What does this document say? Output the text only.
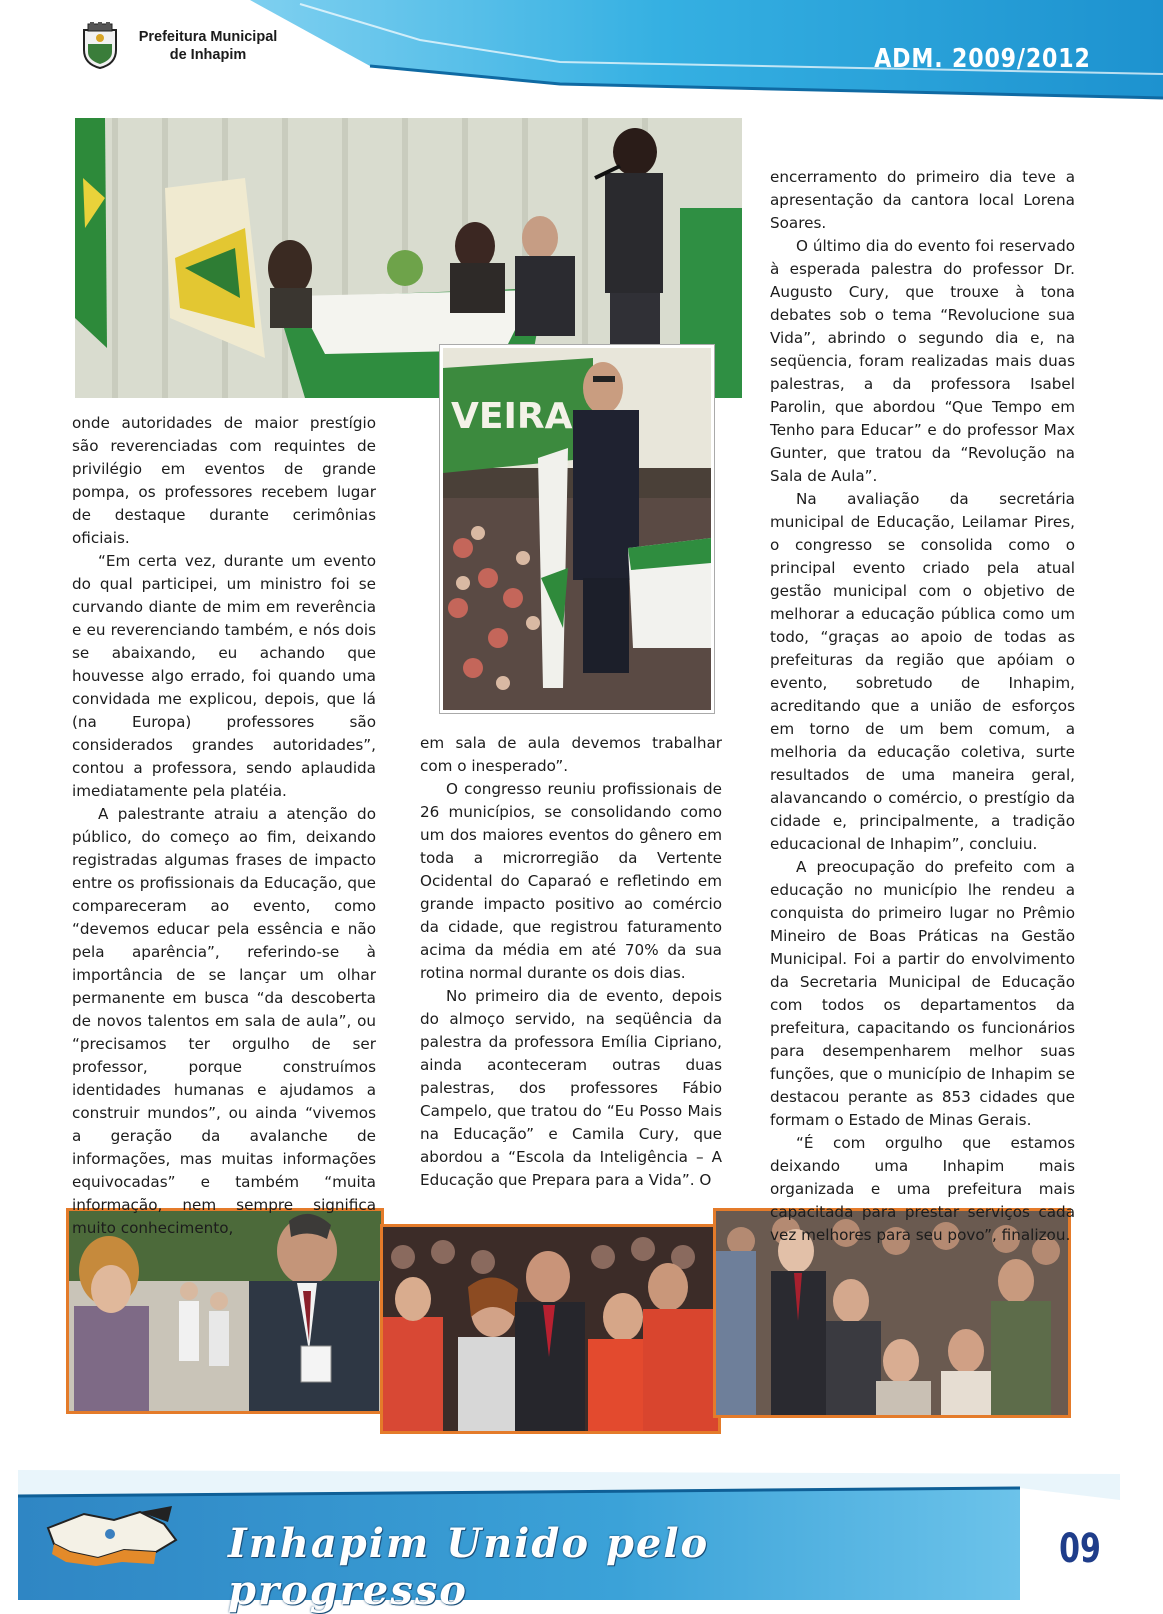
Prefeitura Municipal
de Inhapim	ADM. 2009/2012
VEIRA

onde autoridades de maior prestígio são reverenciadas com requintes de privilégio em eventos de grande pompa, os professores recebem lugar de destaque durante cerimônias oficiais.

“Em certa vez, durante um evento do qual participei, um ministro foi se curvando diante de mim em reverência e eu reverenciando também, e nós dois se abaixando, eu achando que houvesse algo errado, foi quando uma convidada me explicou, depois, que lá (na Europa) professores são considerados grandes autoridades”, contou a professora, sendo aplaudida imediatamente pela platéia.

A palestrante atraiu a atenção do público, do começo ao fim, deixando registradas algumas frases de impacto entre os profissionais da Educação, que compareceram ao evento, como “devemos educar pela essência e não pela aparência”, referindo-se à importância de se lançar um olhar permanente em busca “da descoberta de novos talentos em sala de aula”, ou “precisamos ter orgulho de ser professor, porque construímos identidades humanas e ajudamos a construir mundos”, ou ainda “vivemos a geração da avalanche de informações, mas muitas informações equivocadas” e também “muita informação, nem sempre significa muito conhecimento,

em sala de aula devemos trabalhar com o inesperado”.

O congresso reuniu profissionais de 26 municípios, se consolidando como um dos maiores eventos do gênero em toda a microrregião da Vertente Ocidental do Caparaó e refletindo em grande impacto positivo ao comércio da cidade, que registrou faturamento acima da média em até 70% da sua rotina normal durante os dois dias.

No primeiro dia de evento, depois do almoço servido, na seqüência da palestra da professora Emília Cipriano, ainda aconteceram outras duas palestras, dos professores Fábio Campelo, que tratou do “Eu Posso Mais na Educação” e Camila Cury, que abordou a “Escola da Inteligência – A Educação que Prepara para a Vida”. O

encerramento do primeiro dia teve a apresentação da cantora local Lorena Soares.

O último dia do evento foi reservado à esperada palestra do professor Dr. Augusto Cury, que trouxe à tona debates sob o tema “Revolucione sua Vida”, abrindo o segundo dia e, na seqüencia, foram realizadas mais duas palestras, a da professora Isabel Parolin, que abordou “Que Tempo em Tenho para Educar” e do professor Max Gunter, que tratou da “Revolução na Sala de Aula”.

Na avaliação da secretária municipal de Educação, Leilamar Pires, o congresso se consolida como o principal evento criado pela atual gestão municipal com o objetivo de melhorar a educação pública como um todo, “graças ao apoio de todas as prefeituras da região que apóiam o evento, sobretudo de Inhapim, acreditando que a união de esforços em torno de um bem comum, a melhoria da educação coletiva, surte resultados de uma maneira geral, alavancando o comércio, o prestígio da cidade e, principalmente, a tradição educacional de Inhapim”, concluiu.

A preocupação do prefeito com a educação no município lhe rendeu a conquista do primeiro lugar no Prêmio Mineiro de Boas Práticas na Gestão Municipal. Foi a partir do envolvimento da Secretaria Municipal de Educação com todos os departamentos da prefeitura, capacitando os funcionários para desempenharem melhor suas funções, que o município de Inhapim se destacou perante as 853 cidades que formam o Estado de Minas Gerais.

“É com orgulho que estamos deixando uma Inhapim mais organizada e uma prefeitura mais capacitada para prestar serviços cada vez melhores para seu povo”, finalizou.

Inhapim Unido pelo progresso
09
